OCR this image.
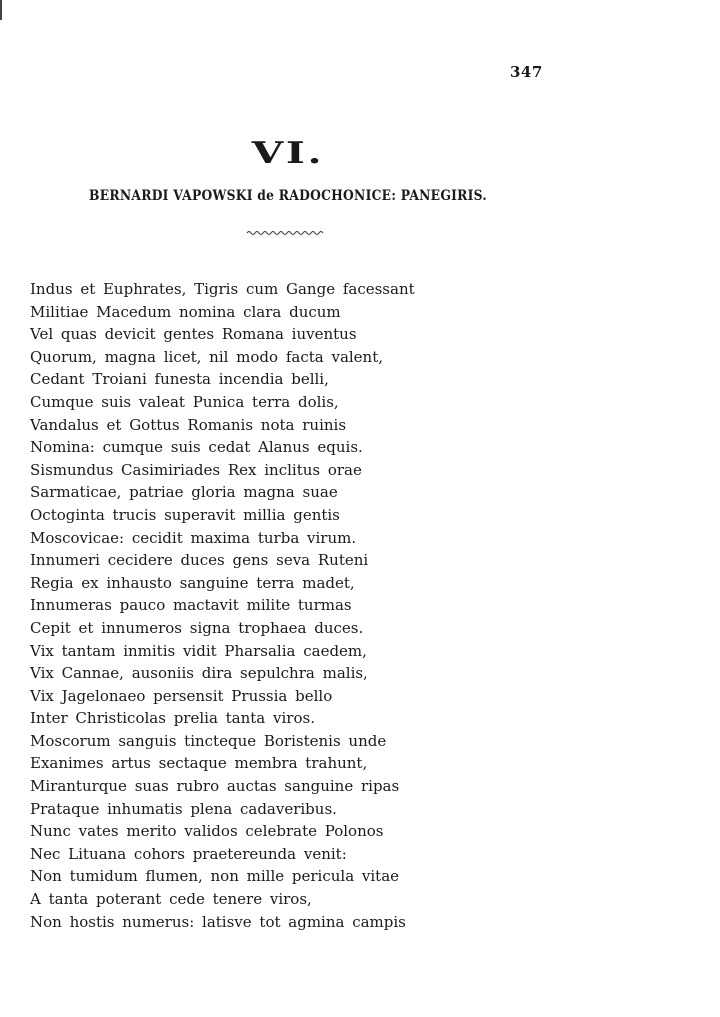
347
VI.
BERNARDI VAPOWSKI de RADOCHONICE: PANEGIRIS.
Indus et Euphrates, Tigris cum Gange facessant
Militiae Macedum nomina clara ducum
Vel quas devicit gentes Romana iuventus
Quorum, magna licet, nil modo facta valent,
Cedant Troiani funesta incendia belli,
Cumque suis valeat Punica terra dolis,
Vandalus et Gottus Romanis nota ruinis
Nomina: cumque suis cedat Alanus equis.
Sismundus Casimiriades Rex inclitus orae
Sarmaticae, patriae gloria magna suae
Octoginta trucis superavit millia gentis
Moscovicae: cecidit maxima turba virum.
Innumeri cecidere duces gens seva Ruteni
Regia ex inhausto sanguine terra madet,
Innumeras pauco mactavit milite turmas
Cepit et innumeros signa trophaea duces.
Vix tantam inmitis vidit Pharsalia caedem,
Vix Cannae, ausoniis dira sepulchra malis,
Vix Jagelonaeo persensit Prussia bello
Inter Christicolas prelia tanta viros.
Moscorum sanguis tincteque Boristenis unde
Exanimes artus sectaque membra trahunt,
Miranturque suas rubro auctas sanguine ripas
Prataque inhumatis plena cadaveribus.
Nunc vates merito validos celebrate Polonos
Nec Lituana cohors praetereunda venit:
Non tumidum flumen, non mille pericula vitae
A tanta poterant cede tenere viros,
Non hostis numerus: latisve tot agmina campis
